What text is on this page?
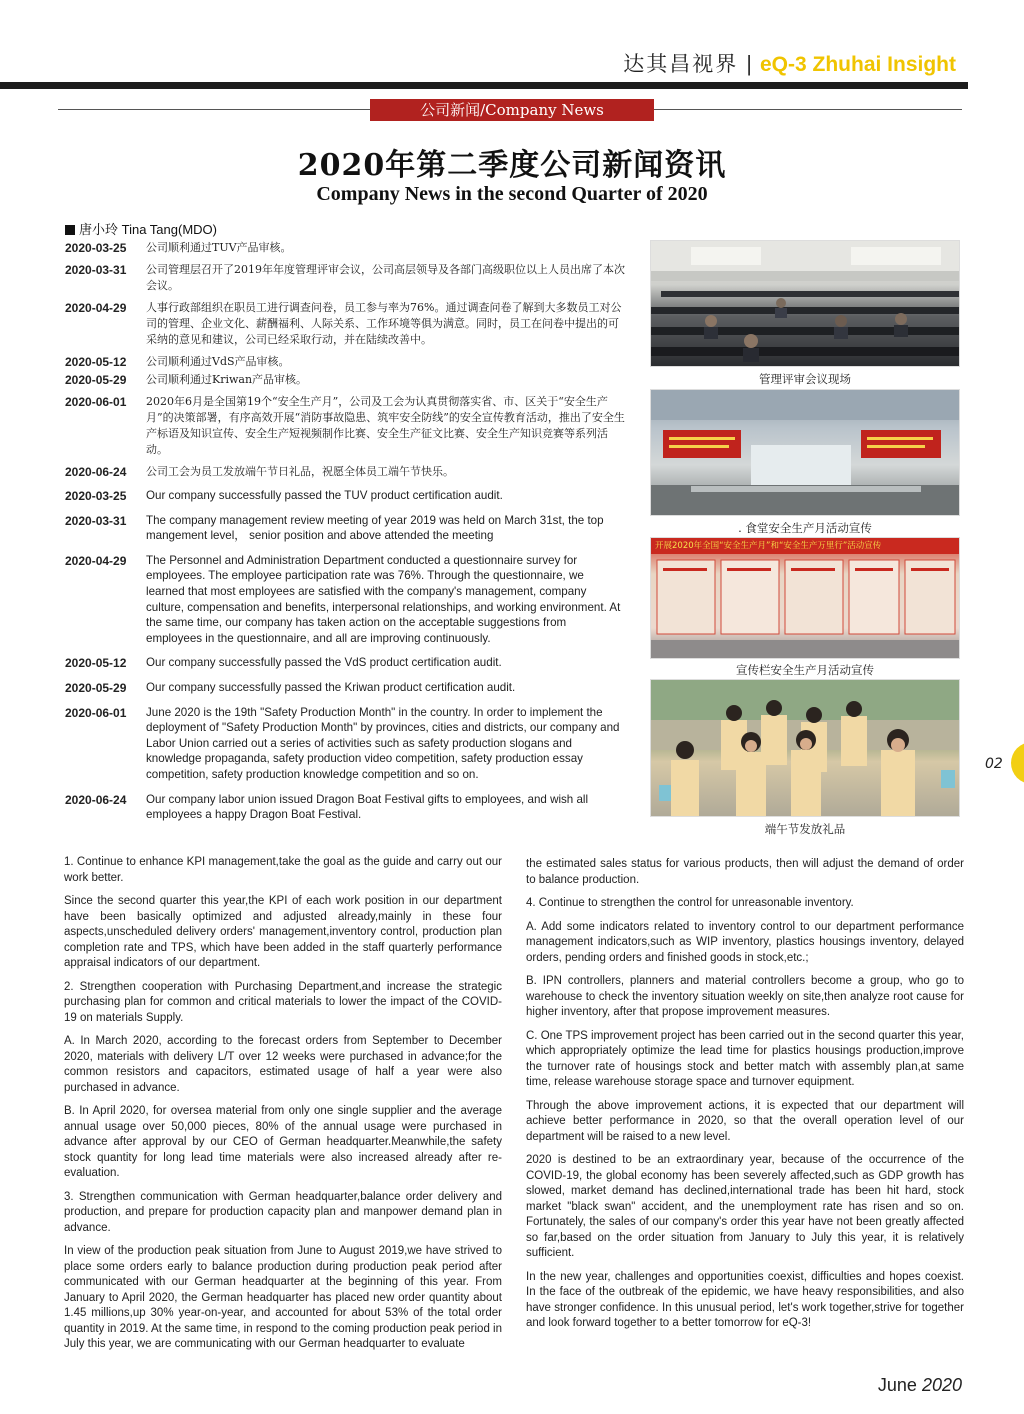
达其昌视界 | eQ-3 Zhuhai Insight
公司新闻/Company News
2020年第二季度公司新闻资讯
Company News in the second Quarter of 2020
唐小玲 Tina Tang(MDO)
2020-03-25	公司顺利通过TUV产品审核。
2020-03-31	公司管理层召开了2019年年度管理评审会议，公司高层领导及各部门高级职位以上人员出席了本次会议。
2020-04-29	人事行政部组织在职员工进行调查问卷，员工参与率为76%。通过调查问卷了解到大多数员工对公司的管理、企业文化、薪酬福利、人际关系、工作环境等俱为满意。同时，员工在问卷中提出的可采纳的意见和建议，公司已经采取行动，并在陆续改善中。
2020-05-12	公司顺利通过VdS产品审核。
2020-05-29	公司顺利通过Kriwan产品审核。
2020-06-01	2020年6月是全国第19个“安全生产月”，公司及工会为认真贯彻落实省、市、区关于“安全生产月”的决策部署，有序高效开展“消防事故隐患、筑牢安全防线”的安全宣传教育活动，推出了安全生产标语及知识宣传、安全生产短视频制作比赛、安全生产征文比赛、安全生产知识竞赛等系列活动。
2020-06-24	公司工会为员工发放端午节日礼品，祝愿全体员工端午节快乐。
2020-03-25	Our company successfully passed the TUV product certification audit.
2020-03-31	The company management review meeting of year 2019 was held on March 31st, the top mangement level， senior position and above attended the meeting
2020-04-29	The Personnel and Administration Department conducted a questionnaire survey for employees. The employee participation rate was 76%. Through the questionnaire, we learned that most employees are satisfied with the company's management, company culture, compensation and benefits, interpersonal relationships, and working environment. At the same time, our company has taken action on the acceptable suggestions from employees in the questionnaire, and all are improving continuously.
2020-05-12	Our company successfully passed the VdS product certification audit.
2020-05-29	Our company successfully passed the Kriwan product certification audit.
2020-06-01	June 2020 is the 19th "Safety Production Month" in the country. In order to implement the deployment of "Safety Production Month" by provinces, cities and districts, our company and Labor Union carried out a series of activities such as safety production slogans and knowledge propaganda, safety production video competition, safety production essay competition, safety production knowledge competition and so on.
2020-06-24	Our company labor union issued Dragon Boat Festival gifts to employees, and wish all employees a happy Dragon Boat Festival.
管理评审会议现场
. 食堂安全生产月活动宣传
开展2020年全国“安全生产月”和“安全生产万里行”活动宣传
宣传栏安全生产月活动宣传
端午节发放礼品
02

1. Continue to enhance KPI management,take the goal as the guide and carry out our work better.

Since the second quarter this year,the KPI of each work position in our department have been basically optimized and adjusted already,mainly in these four aspects,unscheduled delivery orders' management,inventory control, production plan completion rate and TPS, which have been added in the staff quarterly performance appraisal indicators of our department.

2. Strengthen cooperation with Purchasing Department,and increase the strategic purchasing plan for common and critical materials to lower the impact of the COVID-19 on materials Supply.

A. In March 2020, according to the forecast orders from September to December 2020, materials with delivery L/T over 12 weeks were purchased in advance;for the common resistors and capacitors, estimated usage of half a year were also purchased in advance.

B. In April 2020, for oversea material from only one single supplier and the average annual usage over 50,000 pieces, 80% of the annual usage were purchased in advance after approval by our CEO of German headquarter.Meanwhile,the safety stock quantity for long lead time materials were also increased already after re-evaluation.

3. Strengthen communication with German headquarter,balance order delivery and production, and prepare for production capacity plan and manpower demand plan in advance.

In view of the production peak situation from June to August 2019,we have strived to place some orders early to balance production during production peak period after communicated with our German headquarter at the beginning of this year. From January to April 2020, the German headquarter has placed new order quantity about 1.45 millions,up 30% year-on-year, and accounted for about 53% of the total order quantity in 2019. At the same time, in respond to the coming production peak period in July this year, we are communicating with our German headquarter to evaluate

the estimated sales status for various products, then will adjust the demand of order to balance production.

4. Continue to strengthen the control for unreasonable inventory.

A. Add some indicators related to inventory control to our department performance management indicators,such as WIP inventory, plastics housings inventory, delayed orders, pending orders and finished goods in stock,etc.;

B. IPN controllers, planners and material controllers become a group, who go to warehouse to check the inventory situation weekly on site,then analyze root cause for higher inventory, after that propose improvement measures.

C. One TPS improvement project has been carried out in the second quarter this year, which appropriately optimize the lead time for plastics housings production,improve the turnover rate of housings stock and better match with assembly plan,at same time, release warehouse storage space and turnover equipment.

Through the above improvement actions, it is expected that our department will achieve better performance in 2020, so that the overall operation level of our department will be raised to a new level.

2020 is destined to be an extraordinary year, because of the occurrence of the COVID-19, the global economy has been severely affected,such as GDP growth has slowed, market demand has declined,international trade has been hit hard, stock market "black swan" accident, and the unemployment rate has risen and so on. Fortunately, the sales of our company's order this year have not been greatly affected so far,based on the order situation from January to July this year, it is relatively sufficient.

In the new year, challenges and opportunities coexist, difficulties and hopes coexist. In the face of the outbreak of the epidemic, we have heavy responsibilities, and also have stronger confidence. In this unusual period, let's work together,strive for together and look forward together to a better tomorrow for eQ-3!

June 2020
